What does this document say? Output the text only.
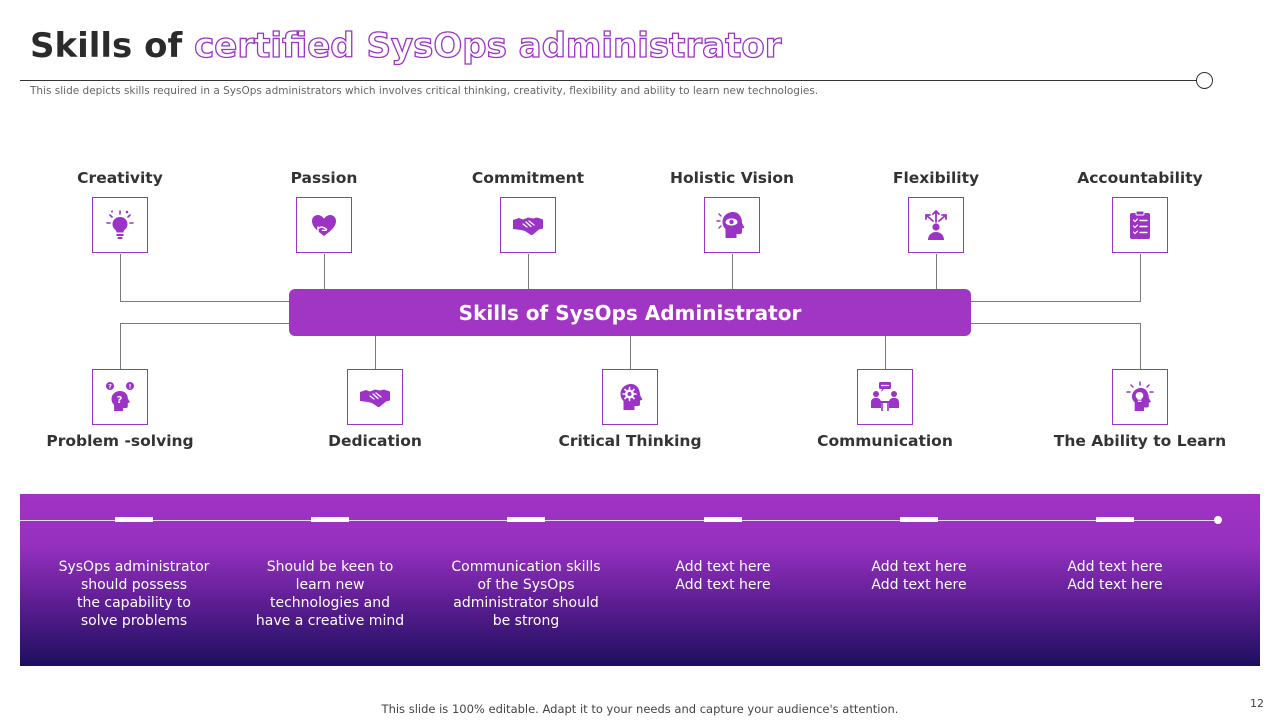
Skills of certified SysOps administrator
This slide depicts skills required in a SysOps administrators which involves critical thinking, creativity, flexibility and ability to learn new technologies.
Creativity	Passion	Commitment	Holistic Vision	Flexibility	Accountability
Skills of SysOps Administrator
?
?	!
Problem -solving	Dedication	Critical Thinking	Communication	The Ability to Learn
SysOps administrator
should possess
the capability to
solve problems
Should be keen to
learn new
technologies and
have a creative mind
Communication skills
of the SysOps
administrator should
be strong
Add text here
Add text here
Add text here
Add text here
Add text here
Add text here
This slide is 100% editable. Adapt it to your needs and capture your audience's attention.	12
